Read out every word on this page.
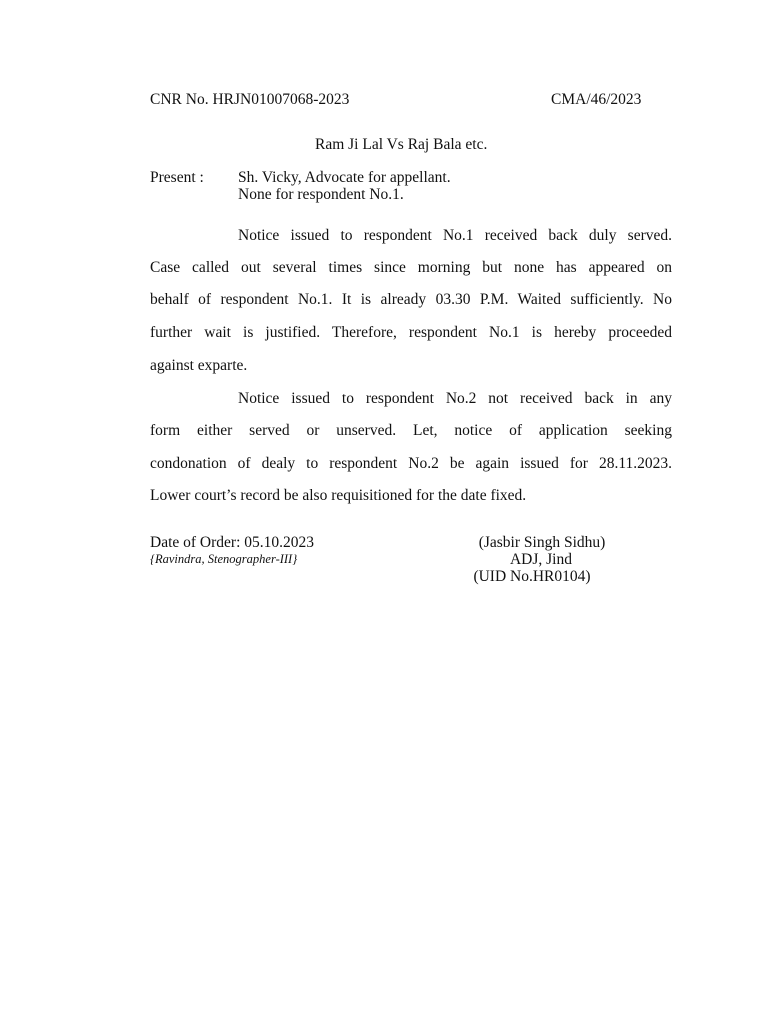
CNR No. HRJN01007068-2023	CMA/46/2023
Ram Ji Lal Vs Raj Bala etc.
Present : Sh. Vicky, Advocate for appellant.
None for respondent No.1.
Notice issued to respondent No.1 received back duly served.
Case called out several times since morning but none has appeared on
behalf of respondent No.1. It is already 03.30 P.M. Waited sufficiently. No
further wait is justified. Therefore, respondent No.1 is hereby proceeded
against exparte.
Notice issued to respondent No.2 not received back in any
form either served or unserved. Let, notice of application seeking
condonation of dealy to respondent No.2 be again issued for 28.11.2023.
Lower court’s record be also requisitioned for the date fixed.
Date of Order: 05.10.2023
{Ravindra, Stenographer-III}
(Jasbir Singh Sidhu)
ADJ, Jind
(UID No.HR0104)
